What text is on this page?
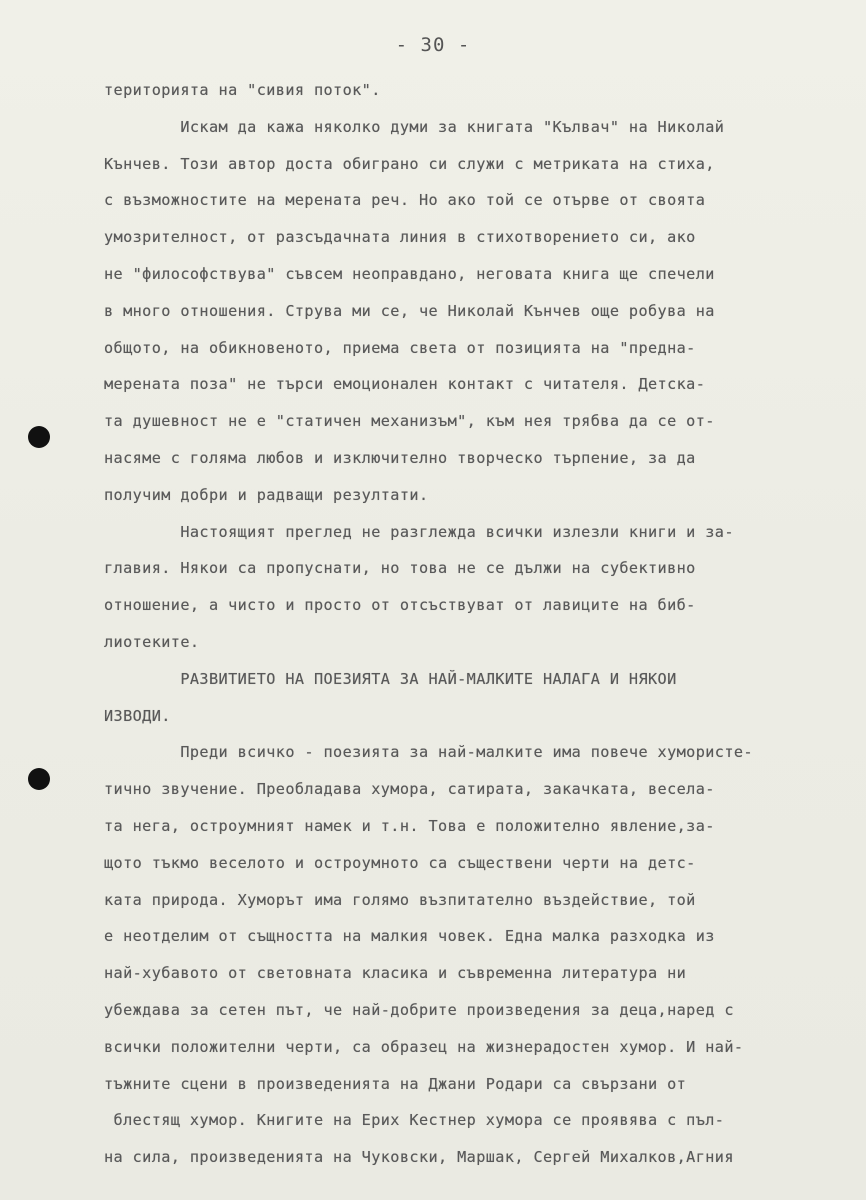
- 30 -
територията на "сивия поток".
Искам да кажа няколко думи за книгата "Кълвач" на Николай
Кънчев. Този автор доста обиграно си служи с метриката на стиха,
с възможностите на мерената реч. Но ако той се отърве от своята
умозрителност, от разсъдачната линия в стихотворението си, ако
не "философствува" съвсем неоправдано, неговата книга ще спечели
в много отношения. Струва ми се, че Николай Кънчев още робува на
общото, на обикновеното, приема света от позицията на "предна-
мерената поза" не търси емоционален контакт с читателя. Детска-
та душевност не е "статичен механизъм", към нея трябва да се от-
насяме с голяма любов и изключително творческо търпение, за да
получим добри и радващи резултати.
Настоящият преглед не разглежда всички излезли книги и за-
главия. Някои са пропуснати, но това не се дължи на субективно
отношение, а чисто и просто от отсъствуват от лавиците на биб-
лиотеките.
РАЗВИТИЕТО НА ПОЕЗИЯТА ЗА НАЙ-МАЛКИТЕ НАЛАГА И НЯКОИ
ИЗВОДИ.
Преди всичко - поезията за най-малките има повече хумористе-
тично звучение. Преобладава хумора, сатирата, закачката, весела-
та нега, остроумният намек и т.н. Това е положително явление,за-
щото тъкмо веселото и остроумното са съществени черти на детс-
ката природа. Хуморът има голямо възпитателно въздействие, той
е неотделим от същността на малкия човек. Една малка разходка из
най-хубавото от световната класика и съвременна литература ни
убеждава за сетен път, че най-добрите произведения за деца,наред с
всички положителни черти, са образец на жизнерадостен хумор. И най-
тъжните сцени в произведенията на Джани Родари са свързани от
блестящ хумор. Книгите на Ерих Кестнер хумора се проявява с пъл-
на сила, произведенията на Чуковски, Маршак, Сергей Михалков,Агния
